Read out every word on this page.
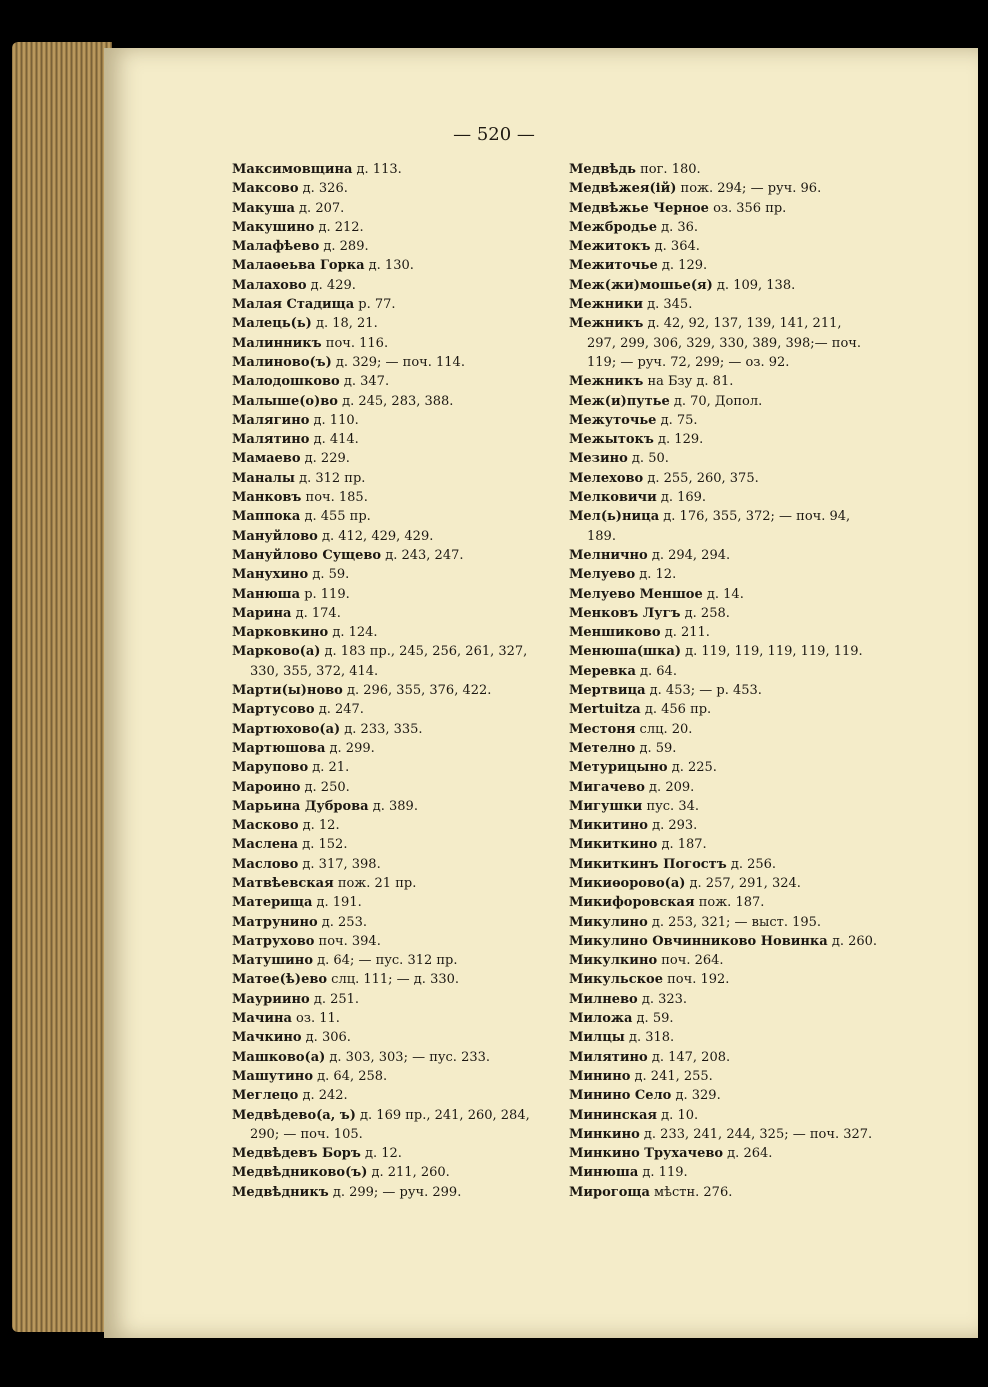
— 520 —
Максимовщина д. 113.
Максово д. 326.
Макуша д. 207.
Макушино д. 212.
Малафѣево д. 289.
Малаѳеьва Горка д. 130.
Малахово д. 429.
Малая Стадища р. 77.
Малець(ь) д. 18, 21.
Малинникъ поч. 116.
Малиново(ъ) д. 329; — поч. 114.
Малодошково д. 347.
Малыше(о)во д. 245, 283, 388.
Малягино д. 110.
Малятино д. 414.
Мамаево д. 229.
Маналы д. 312 пр.
Манковъ поч. 185.
Маппока д. 455 пр.
Мануйлово д. 412, 429, 429.
Мануйлово Сущево д. 243, 247.
Манухино д. 59.
Манюша р. 119.
Марина д. 174.
Марковкино д. 124.
Марково(а) д. 183 пр., 245, 256, 261, 327,
330, 355, 372, 414.
Марти(ы)ново д. 296, 355, 376, 422.
Мартусово д. 247.
Мартюхово(а) д. 233, 335.
Мартюшова д. 299.
Марупово д. 21.
Мароино д. 250.
Марьина Дуброва д. 389.
Масково д. 12.
Маслена д. 152.
Маслово д. 317, 398.
Матвѣевская пож. 21 пр.
Материща д. 191.
Матрунино д. 253.
Матрухово поч. 394.
Матушино д. 64; — пус. 312 пр.
Матѳе(ѣ)ево слц. 111; — д. 330.
Мауриино д. 251.
Мачина оз. 11.
Мачкино д. 306.
Машково(а) д. 303, 303; — пус. 233.
Машутино д. 64, 258.
Меглецо д. 242.
Медвѣдево(а, ъ) д. 169 пр., 241, 260, 284,
290; — поч. 105.
Медвѣдевъ Боръ д. 12.
Медвѣдниково(ъ) д. 211, 260.
Медвѣдникъ д. 299; — руч. 299.
Медвѣдь пог. 180.
Медвѣжея(ій) пож. 294; — руч. 96.
Медвѣжье Черное оз. 356 пр.
Межбродье д. 36.
Межитокъ д. 364.
Межиточье д. 129.
Меж(жи)мошье(я) д. 109, 138.
Межники д. 345.
Межникъ д. 42, 92, 137, 139, 141, 211,
297, 299, 306, 329, 330, 389, 398;— поч.
119; — руч. 72, 299; — оз. 92.
Межникъ на Бзу д. 81.
Меж(и)путье д. 70, Допол.
Межуточье д. 75.
Межытокъ д. 129.
Мезино д. 50.
Мелехово д. 255, 260, 375.
Мелковичи д. 169.
Мел(ь)ница д. 176, 355, 372; — поч. 94,
189.
Мелнично д. 294, 294.
Мелуево д. 12.
Мелуево Меншое д. 14.
Менковъ Лугъ д. 258.
Меншиково д. 211.
Менюша(шка) д. 119, 119, 119, 119, 119.
Меревка д. 64.
Мертвица д. 453; — р. 453.
Mertuitza д. 456 пр.
Местоня слц. 20.
Метелно д. 59.
Метурицыно д. 225.
Мигачево д. 209.
Мигушки пус. 34.
Микитино д. 293.
Микиткино д. 187.
Микиткинъ Погостъ д. 256.
Микиѳорово(а) д. 257, 291, 324.
Микифоровская пож. 187.
Микулино д. 253, 321; — выст. 195.
Микулино Овчинниково Новинка д. 260.
Микулкино поч. 264.
Микульское поч. 192.
Милнево д. 323.
Миложа д. 59.
Милцы д. 318.
Милятино д. 147, 208.
Минино д. 241, 255.
Минино Село д. 329.
Мининская д. 10.
Минкино д. 233, 241, 244, 325; — поч. 327.
Минкино Трухачево д. 264.
Минюша д. 119.
Мирогоща мѣстн. 276.
